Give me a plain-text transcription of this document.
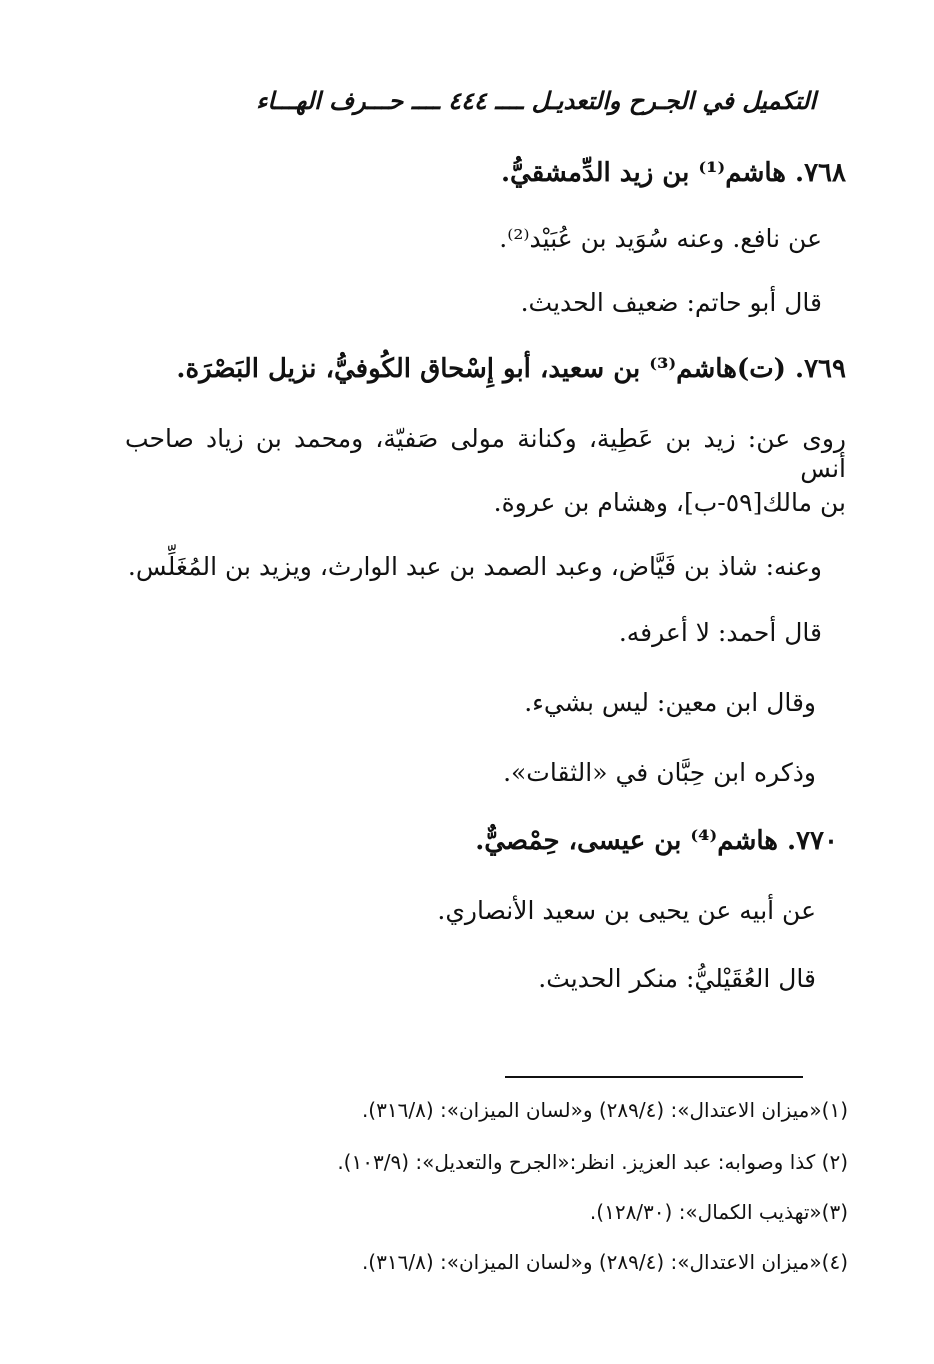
التكميل في الجـرح والتعديـل ــــ ٤٤٤ ــــ حـــرف الهـــاء
٧٦٨. هاشم⁽¹⁾ بن زيد الدِّمشقيُّ.
عن نافع. وعنه سُوَيد بن عُبَيْد⁽²⁾.
قال أبو حاتم: ضعيف الحديث.
٧٦٩. (ت)هاشم⁽³⁾ بن سعيد، أبو إِسْحاق الكُوفيُّ، نزيل البَصْرَة.
روى عن: زيد بن عَطِية، وكنانة مولى صَفيّة، ومحمد بن زياد صاحب أنس
بن مالك[٥٩-ب]، وهشام بن عروة.
وعنه: شاذ بن فَيَّاض، وعبد الصمد بن عبد الوارث، ويزيد بن المُغَلِّس.
قال أحمد: لا أعرفه.
وقال ابن معين: ليس بشيء.
وذكره ابن حِبَّان في «الثقات».
٧٧٠. هاشم⁽⁴⁾ بن عيسى، حِمْصيٌّ.
عن أبيه عن يحيى بن سعيد الأنصاري.
قال العُقَيْليُّ: منكر الحديث.
(١)«ميزان الاعتدال»: (٢٨٩/٤) و«لسان الميزان»: (٣١٦/٨).
(٢) كذا وصوابه: عبد العزيز. انظر:«الجرح والتعديل»: (١٠٣/٩).
(٣)«تهذيب الكمال»: (١٢٨/٣٠).
(٤)«ميزان الاعتدال»: (٢٨٩/٤) و«لسان الميزان»: (٣١٦/٨).
